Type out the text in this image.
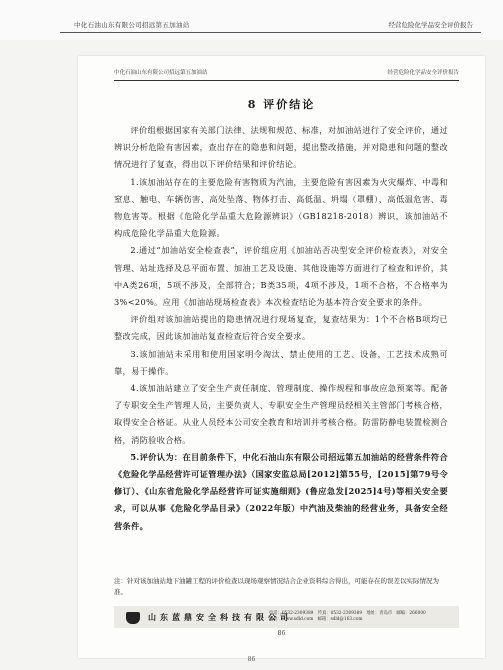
中化石油山东有限公司招远第五加油站	经营危险化学品安全评价报告
中化石油山东有限公司招远第五加油站	经营危险化学品安全评价报告
8 评价结论

评价组根据国家有关部门法律、法规和规范、标准，对加油站进行了安全评价，通过辨识分析危险有害因素，查出存在的隐患和问题，提出整改措施，并对隐患和问题的整改情况进行了复查，得出以下评价结果和评价结论。

1.该加油站存在的主要危险有害物质为汽油，主要危险有害因素为火灾爆炸、中毒和窒息、触电、车辆伤害、高处坠落、物体打击、高低温、坍塌（罩棚）、高低温危害、毒物危害等。根据《危险化学品重大危险源辨识》（GB18218-2018）辨识，该加油站不构成危险化学品重大危险源。

2.通过“加油站安全检查表”，评价组应用《加油站否决型安全评价检查表》，对安全管理、站址选择及总平面布置、加油工艺及设施、其他设施等方面进行了检查和评价，其中A类26项，5项不涉及，全部符合；B类35项，4项不涉及，1项不合格，不合格率为3%<20%。应用《加油站现场检查表》本次检查结论为基本符合安全要求的条件。

评价组对该加油站提出的隐患情况进行现场复查，复查结果为：1个不合格B项均已整改完成，因此该加油站复查检查后符合安全要求。

3.该加油站未采用和使用国家明令淘汰、禁止使用的工艺、设备，工艺技术成熟可靠，易于操作。

4.该加油站建立了安全生产责任制度、管理制度、操作规程和事故应急预案等。配备了专职安全生产管理人员，主要负责人、专职安全生产管理员经相关主管部门考核合格，取得安全合格证。从业人员经本公司安全教育和培训并考核合格。防雷防静电装置检测合格，消防验收合格。

5.评价认为：在目前条件下，中化石油山东有限公司招远第五加油站的经营条件符合《危险化学品经营许可证管理办法》（国家安监总局[2012]第55号，[2015]第79号令修订）、《山东省危险化学品经营许可证实施细则》(鲁应急发[2025]4号)等相关安全要求，可以从事《危险化学品目录》（2022年版）中汽油及柴油的经营业务，具备安全经营条件。

注：针对该加油站地下油罐工程的评价检查以现场观察情况结合企业资料综合得出，可能存在的误差以实际情况为准。
山东蓝鼎安全科技有限公司
电话：0532-2309389　传真：0532-2309389　地址：青岛市　邮编：266000
网址：www.sdld.com　邮箱：sdld@163.com
86
86
